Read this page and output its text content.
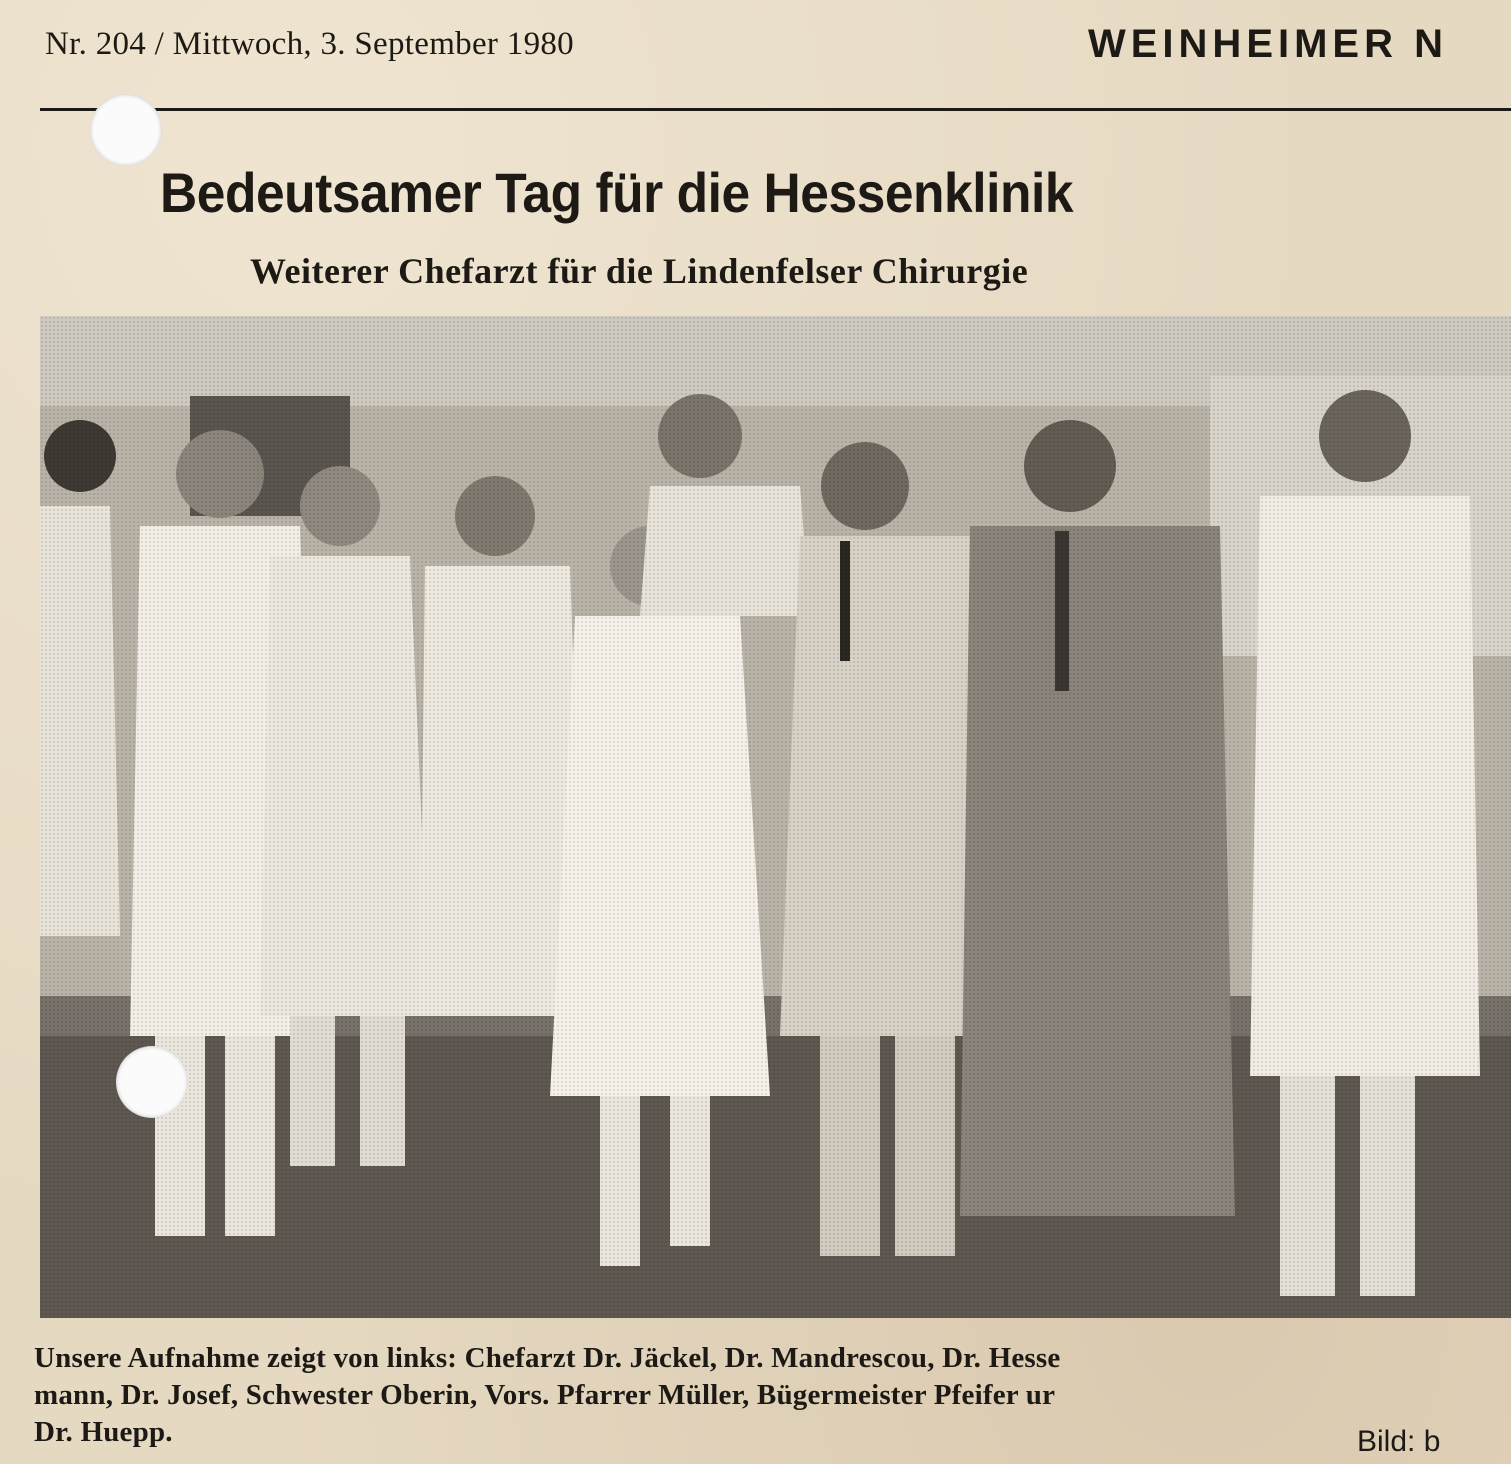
Nr. 204 / Mittwoch, 3. September 1980	WEINHEIMER N
Bedeutsamer Tag für die Hessenklinik
Weiterer Chefarzt für die Lindenfelser Chirurgie
Unsere Aufnahme zeigt von links: Chefarzt Dr. Jäckel, Dr. Mandrescou, Dr. Hesse
mann, Dr. Josef, Schwester Oberin, Vors. Pfarrer Müller, Bügermeister Pfeifer ur
Dr. Huepp.	Bild: b
